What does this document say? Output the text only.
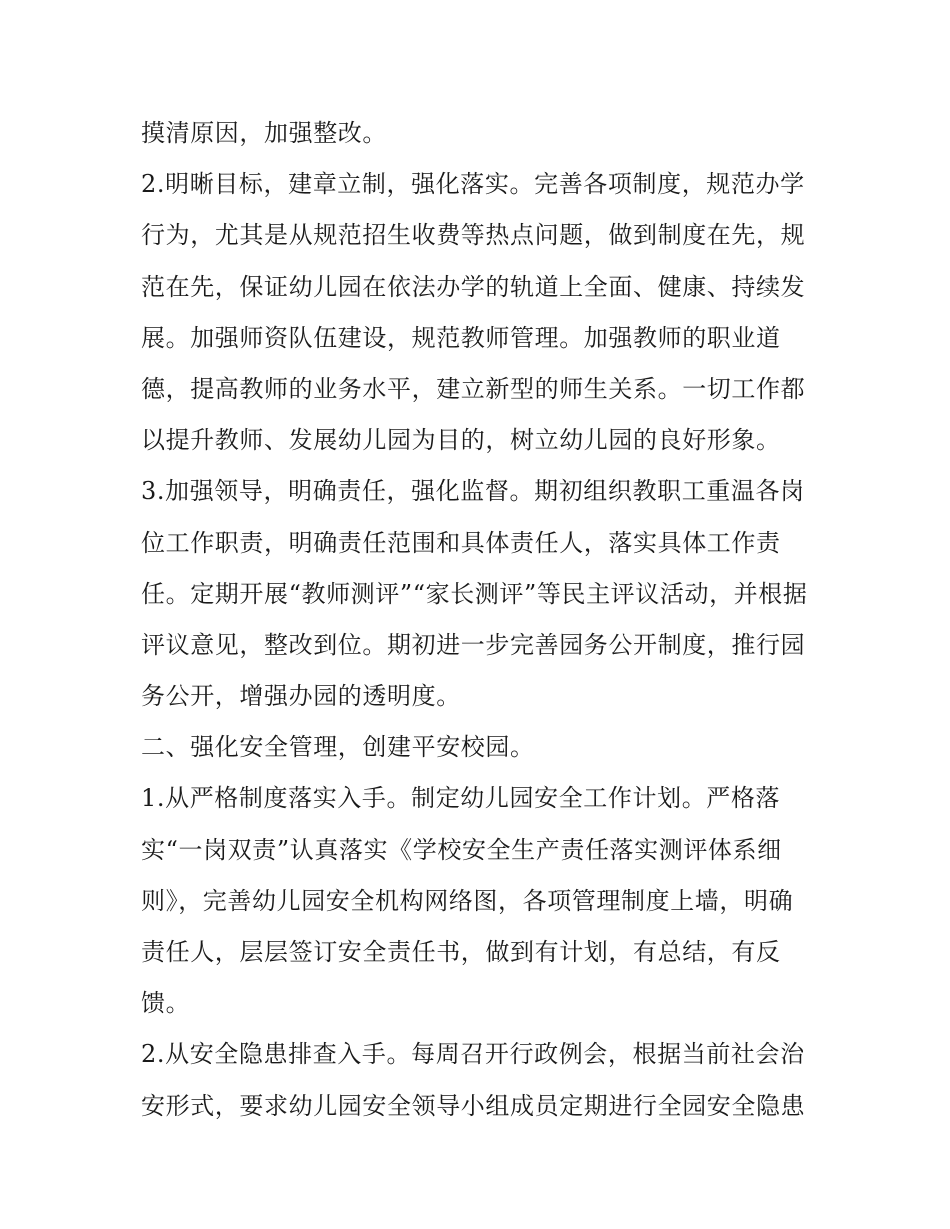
摸清原因，加强整改。
2.明晰目标，建章立制，强化落实。完善各项制度，规范办学
行为，尤其是从规范招生收费等热点问题，做到制度在先，规
范在先，保证幼儿园在依法办学的轨道上全面、健康、持续发
展。加强师资队伍建设，规范教师管理。加强教师的职业道
德，提高教师的业务水平，建立新型的师生关系。一切工作都
以提升教师、发展幼儿园为目的，树立幼儿园的良好形象。
3.加强领导，明确责任，强化监督。期初组织教职工重温各岗
位工作职责，明确责任范围和具体责任人，落实具体工作责
任。定期开展“教师测评”“家长测评”等民主评议活动，并根据
评议意见，整改到位。期初进一步完善园务公开制度，推行园
务公开，增强办园的透明度。
二、强化安全管理，创建平安校园。
1.从严格制度落实入手。制定幼儿园安全工作计划。严格落
实“一岗双责”认真落实《学校安全生产责任落实测评体系细
则》，完善幼儿园安全机构网络图，各项管理制度上墙，明确
责任人，层层签订安全责任书，做到有计划，有总结，有反
馈。
2.从安全隐患排查入手。每周召开行政例会，根据当前社会治
安形式，要求幼儿园安全领导小组成员定期进行全园安全隐患
